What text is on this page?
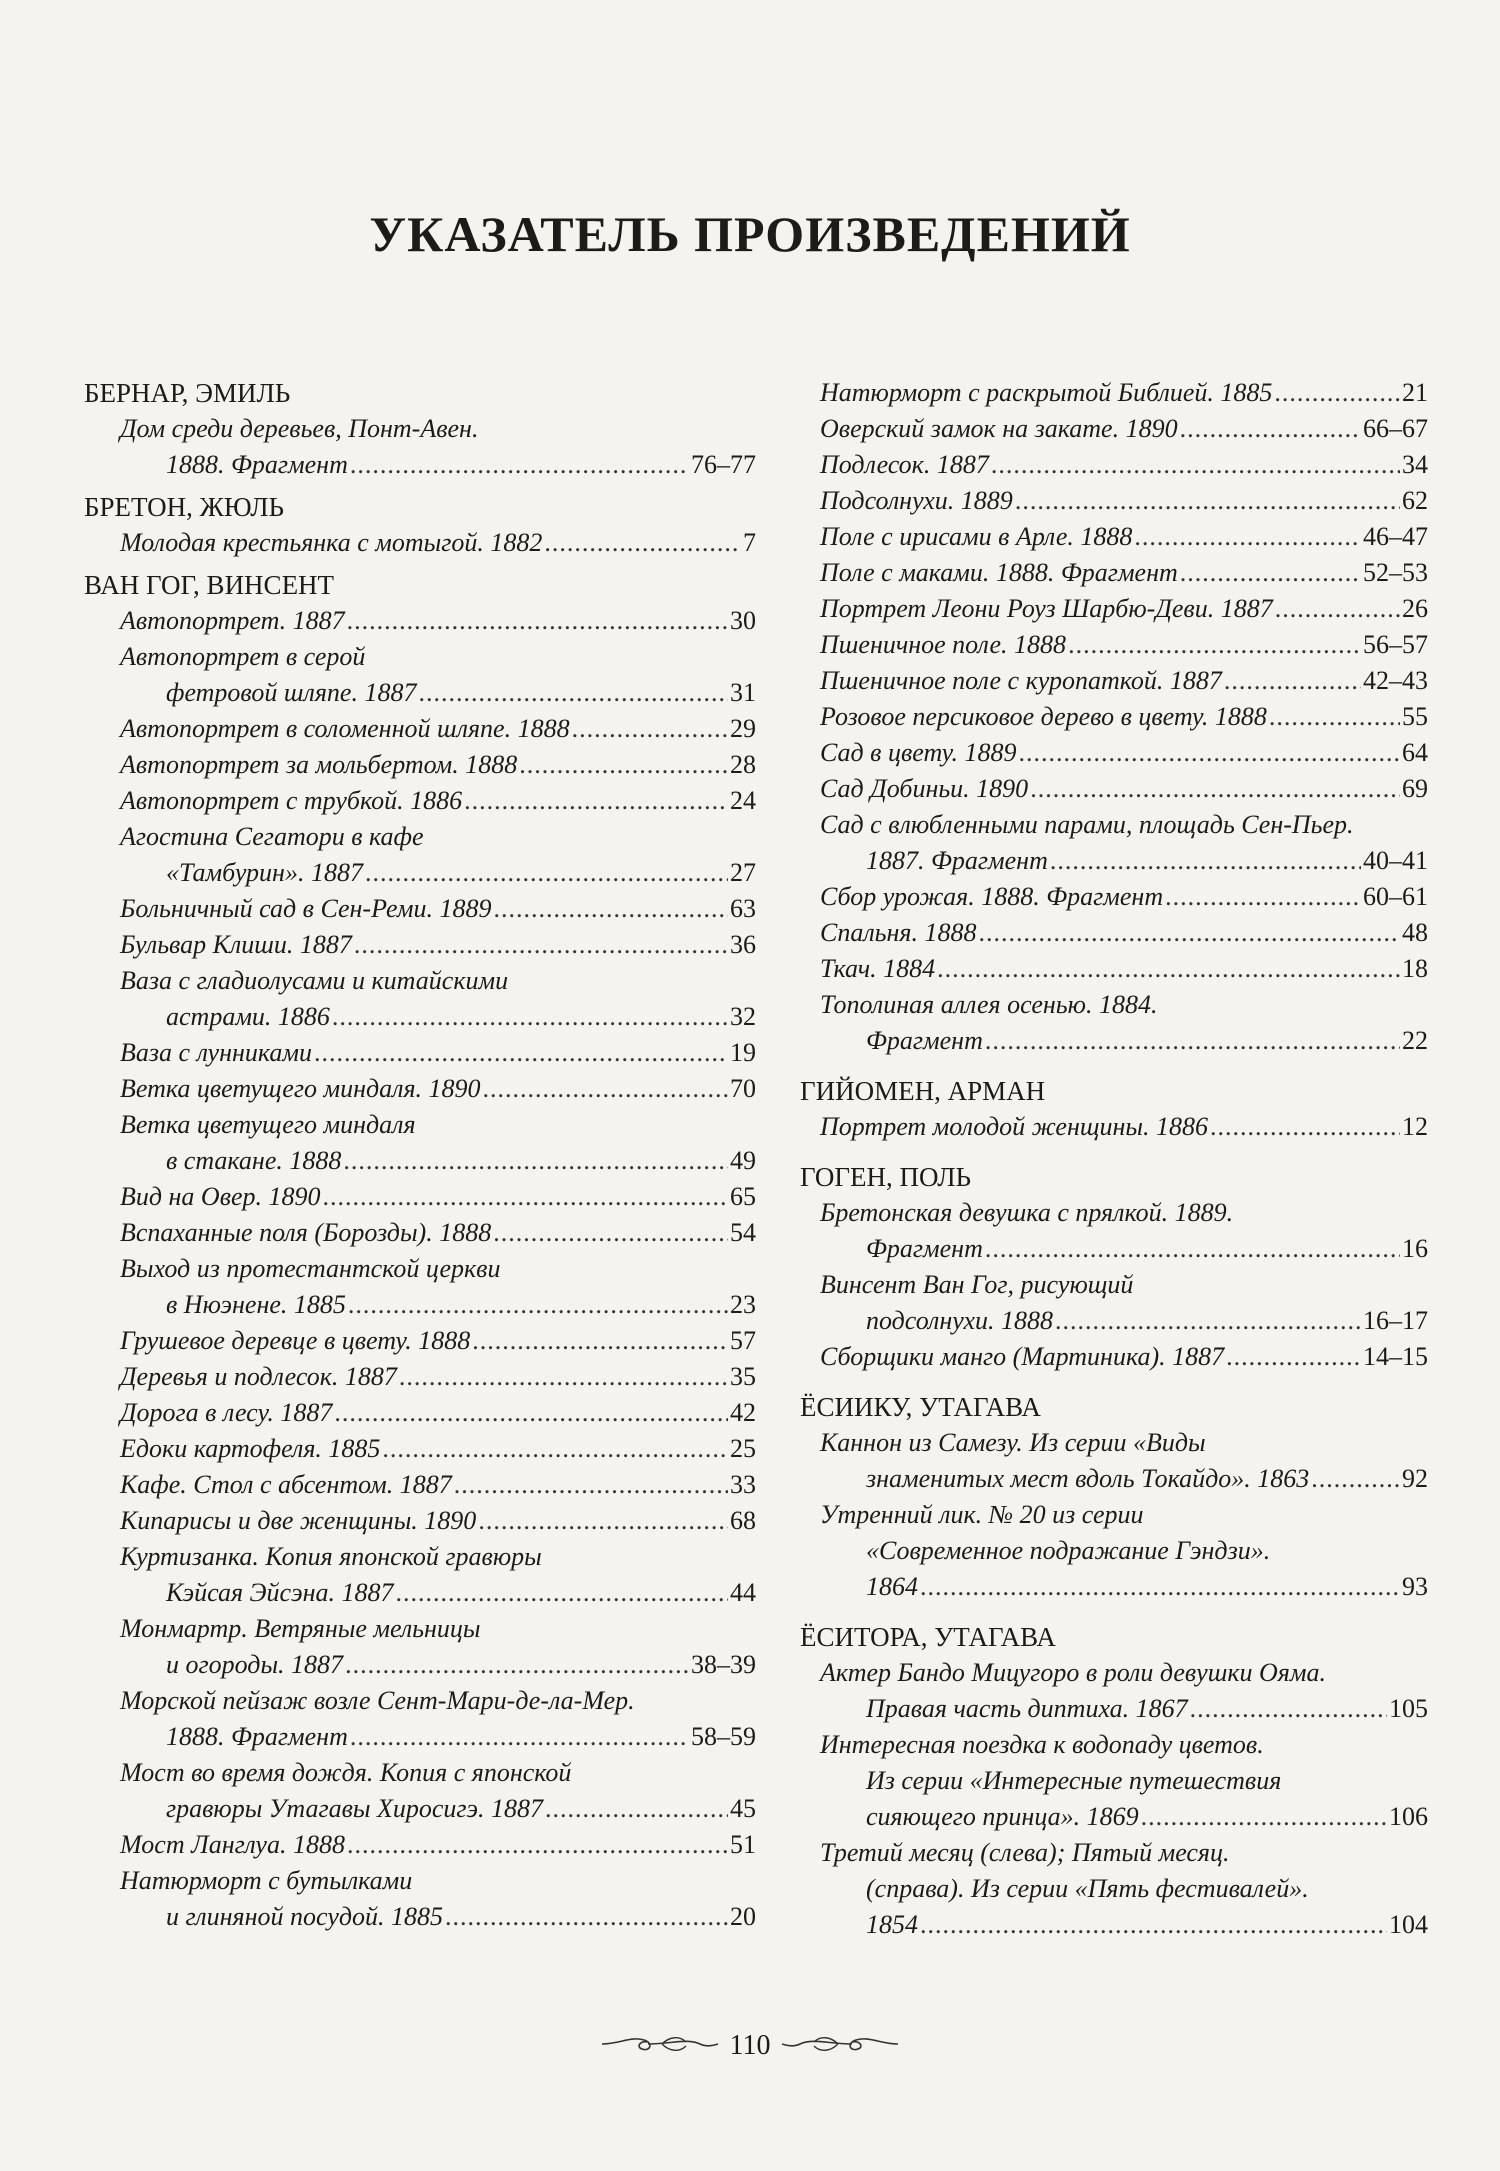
УКАЗАТЕЛЬ ПРОИЗВЕДЕНИЙ
БЕРНАР, ЭМИЛЬ
Дом среди деревьев, Понт-Авен.
1888. Фрагмент .....	76–77
БРЕТОН, ЖЮЛЬ
Молодая крестьянка с мотыгой. 1882 .....	7
ВАН ГОГ, ВИНСЕНТ
Автопортрет. 1887 .....	30
Автопортрет в серой
фетровой шляпе. 1887 .....	31
Автопортрет в соломенной шляпе. 1888 .....	29
Автопортрет за мольбертом. 1888 .....	28
Автопортрет с трубкой. 1886 .....	24
Агостина Сегатори в кафе
«Тамбурин». 1887 .....	27
Больничный сад в Сен-Реми. 1889 .....	63
Бульвар Клиши. 1887 .....	36
Ваза с гладиолусами и китайскими
астрами. 1886 .....	32
Ваза с лунниками .....	19
Ветка цветущего миндаля. 1890 .....	70
Ветка цветущего миндаля
в стакане. 1888 .....	49
Вид на Овер. 1890 .....	65
Вспаханные поля (Борозды). 1888 .....	54
Выход из протестантской церкви
в Нюэнене. 1885 .....	23
Грушевое деревце в цвету. 1888 .....	57
Деревья и подлесок. 1887 .....	35
Дорога в лесу. 1887 .....	42
Едоки картофеля. 1885 .....	25
Кафе. Стол с абсентом. 1887 .....	33
Кипарисы и две женщины. 1890 .....	68
Куртизанка. Копия японской гравюры
Кэйсая Эйсэна. 1887 .....	44
Монмартр. Ветряные мельницы
и огороды. 1887 .....	38–39
Морской пейзаж возле Сент-Мари-де-ла-Мер.
1888. Фрагмент .....	58–59
Мост во время дождя. Копия с японской
гравюры Утагавы Хиросигэ. 1887 .....	45
Мост Ланглуа. 1888 .....	51
Натюрморт с бутылками
и глиняной посудой. 1885 .....	20
Натюрморт с раскрытой Библией. 1885 .....	21
Оверский замок на закате. 1890 .....	66–67
Подлесок. 1887 .....	34
Подсолнухи. 1889 .....	62
Поле с ирисами в Арле. 1888 .....	46–47
Поле с маками. 1888. Фрагмент .....	52–53
Портрет Леони Роуз Шарбю-Деви. 1887 .....	26
Пшеничное поле. 1888 .....	56–57
Пшеничное поле с куропаткой. 1887 .....	42–43
Розовое персиковое дерево в цвету. 1888 .....	55
Сад в цвету. 1889 .....	64
Сад Добиньи. 1890 .....	69
Сад с влюбленными парами, площадь Сен-Пьер.
1887. Фрагмент .....	40–41
Сбор урожая. 1888. Фрагмент .....	60–61
Спальня. 1888 .....	48
Ткач. 1884 .....	18
Тополиная аллея осенью. 1884.
Фрагмент .....	22
ГИЙОМЕН, АРМАН
Портрет молодой женщины. 1886 .....	12
ГОГЕН, ПОЛЬ
Бретонская девушка с прялкой. 1889.
Фрагмент .....	16
Винсент Ван Гог, рисующий
подсолнухи. 1888 .....	16–17
Сборщики манго (Мартиника). 1887 .....	14–15
ЁСИИКУ, УТАГАВА
Каннон из Самезу. Из серии «Виды
знаменитых мест вдоль Токайдо». 1863 .....	92
Утренний лик. № 20 из серии
«Современное подражание Гэндзи».
1864 .....	93
ЁСИТОРА, УТАГАВА
Актер Бандо Мицугоро в роли девушки Ояма.
Правая часть диптиха. 1867 .....	105
Интересная поездка к водопаду цветов.
Из серии «Интересные путешествия
сияющего принца». 1869 .....	106
Третий месяц (слева); Пятый месяц.
(справа). Из серии «Пять фестивалей».
1854 .....	104
110
